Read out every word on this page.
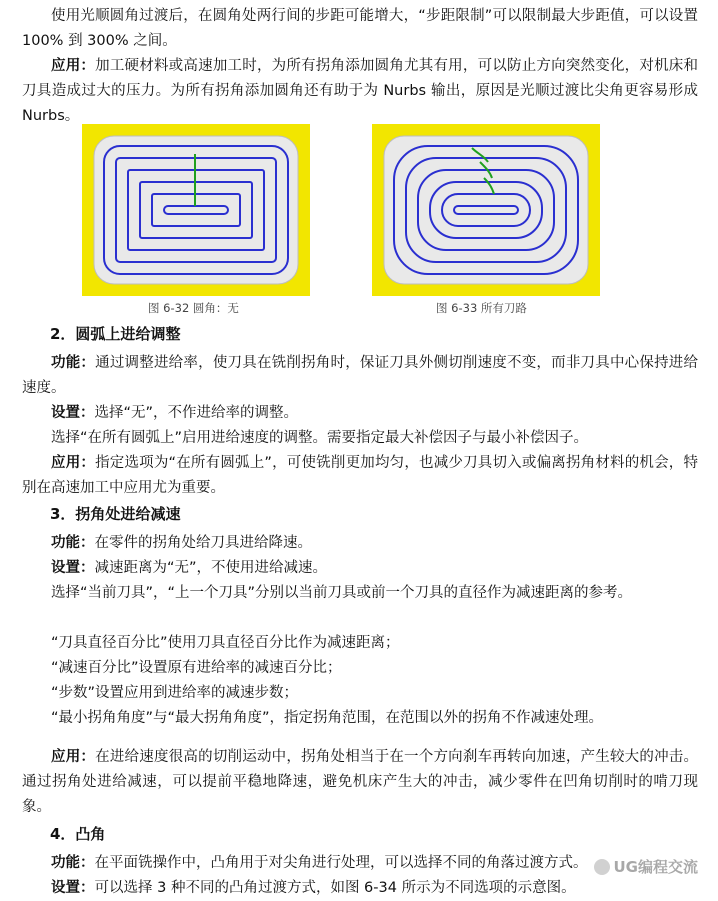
使用光顺圆角过渡后，在圆角处两行间的步距可能增大，“步距限制”可以限制最大步距值，可以设置 100% 到 300% 之间。

应用：加工硬材料或高速加工时，为所有拐角添加圆角尤其有用，可以防止方向突然变化，对机床和刀具造成过大的压力。为所有拐角添加圆角还有助于为 Nurbs 输出，原因是光顺过渡比尖角更容易形成 Nurbs。

图 6-32 圆角：无	图 6-33 所有刀路

2．圆弧上进给调整

功能：通过调整进给率，使刀具在铣削拐角时，保证刀具外侧切削速度不变，而非刀具中心保持进给速度。

设置：选择“无”，不作进给率的调整。

选择“在所有圆弧上”启用进给速度的调整。需要指定最大补偿因子与最小补偿因子。

应用：指定选项为“在所有圆弧上”，可使铣削更加均匀，也减少刀具切入或偏离拐角材料的机会，特别在高速加工中应用尤为重要。

3．拐角处进给减速

功能：在零件的拐角处给刀具进给降速。

设置：减速距离为“无”，不使用进给减速。

选择“当前刀具”，“上一个刀具”分别以当前刀具或前一个刀具的直径作为减速距离的参考。

“刀具直径百分比”使用刀具直径百分比作为减速距离；

“减速百分比”设置原有进给率的减速百分比；

“步数”设置应用到进给率的减速步数；

“最小拐角角度”与“最大拐角角度”，指定拐角范围，在范围以外的拐角不作减速处理。

应用：在进给速度很高的切削运动中，拐角处相当于在一个方向刹车再转向加速，产生较大的冲击。通过拐角处进给减速，可以提前平稳地降速，避免机床产生大的冲击，减少零件在凹角切削时的啃刀现象。

4．凸角

功能：在平面铣操作中，凸角用于对尖角进行处理，可以选择不同的角落过渡方式。

设置：可以选择 3 种不同的凸角过渡方式，如图 6-34 所示为不同选项的示意图。

UG编程交流
